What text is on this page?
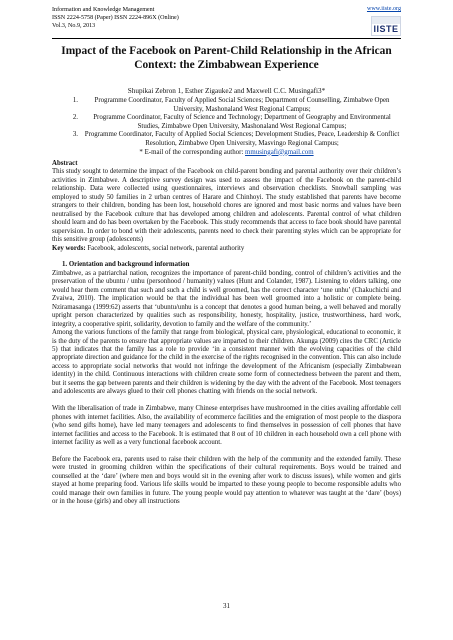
Information and Knowledge Management
ISSN 2224-5758 (Paper) ISSN 2224-896X (Online)
Vol.3, No.9, 2013
www.iiste.org
IISTE
Impact of the Facebook on Parent-Child Relationship in the African Context: the Zimbabwean Experience
Shupikai Zebron 1, Esther Zigauke2 and Maxwell C.C. Musingafi3*
1.	Programme Coordinator, Faculty of Applied Social Sciences; Department of Counselling, Zimbabwe Open University, Mashonaland West Regional Campus;
2.	Programme Coordinator, Faculty of Science and Technology; Department of Geography and Environmental Studies, Zimbabwe Open University, Mashonaland West Regional Campus;
3. Programme Coordinator, Faculty of Applied Social Sciences; Development Studies, Peace, Leadership & Conflict Resolution, Zimbabwe Open University, Masvingo Regional Campus;
* E-mail of the corresponding author: mmusingafi@gmail.com
Abstract

This study sought to determine the impact of the Facebook on child-parent bonding and parental authority over their children’s activities in Zimbabwe. A descriptive survey design was used to assess the impact of the Facebook on the parent-child relationship. Data were collected using questionnaires, interviews and observation checklists. Snowball sampling was employed to study 50 families in 2 urban centres of Harare and Chinhoyi. The study established that parents have become strangers to their children, bonding has been lost, household chores are ignored and most basic norms and values have been neutralised by the Facebook culture that has developed among children and adolescents. Parental control of what children should learn and do has been overtaken by the Facebook. This study recommends that access to face book should have parental supervision. In order to bond with their adolescents, parents need to check their parenting styles which can be appropriate for this sensitive group (adolescents)

Key words: Facebook, adolescents, social network, parental authority

1. Orientation and background information

Zimbabwe, as a patriarchal nation, recognizes the importance of parent-child bonding, control of children’s activities and the preservation of the ubuntu / unhu (personhood / humanity) values (Hunt and Colander, 1987). Listening to elders talking, one would hear them comment that such and such a child is well groomed, has the correct character ‘une unhu’ (Chakuchichi and Zvaiwa, 2010). The implication would be that the individual has been well groomed into a holistic or complete being. Nziramasanga (1999:62) asserts that ‘ubuntu/unhu is a concept that denotes a good human being, a well behaved and morally upright person characterized by qualities such as responsibility, honesty, hospitality, justice, trustworthiness, hard work, integrity, a cooperative spirit, solidarity, devotion to family and the welfare of the community.’

Among the various functions of the family that range from biological, physical care, physiological, educational to economic, it is the duty of the parents to ensure that appropriate values are imparted to their children. Akunga (2009) cites the CRC (Article 5) that indicates that the family has a role to provide ‘in a consistent manner with the evolving capacities of the child appropriate direction and guidance for the child in the exercise of the rights recognised in the convention. This can also include access to appropriate social networks that would not infringe the development of the Africanism (especially Zimbabwean identity) in the child. Continuous interactions with children create some form of connectedness between the parent and them, but it seems the gap between parents and their children is widening by the day with the advent of the Facebook. Most teenagers and adolescents are always glued to their cell phones chatting with friends on the social network.

With the liberalisation of trade in Zimbabwe, many Chinese enterprises have mushroomed in the cities availing affordable cell phones with internet facilities. Also, the availability of ecommerce facilities and the emigration of most people to the diaspora (who send gifts home), have led many teenagers and adolescents to find themselves in possession of cell phones that have internet facilities and access to the Facebook. It is estimated that 8 out of 10 children in each household own a cell phone with internet facility as well as a very functional facebook account.

Before the Facebook era, parents used to raise their children with the help of the community and the extended family. These were trusted in grooming children within the specifications of their cultural requirements. Boys would be trained and counselled at the ‘dare’ (where men and boys would sit in the evening after work to discuss issues), while women and girls stayed at home preparing food. Various life skills would be imparted to these young people to become responsible adults who could manage their own families in future. The young people would pay attention to whatever was taught at the ‘dare’ (boys) or in the house (girls) and obey all instructions

31
